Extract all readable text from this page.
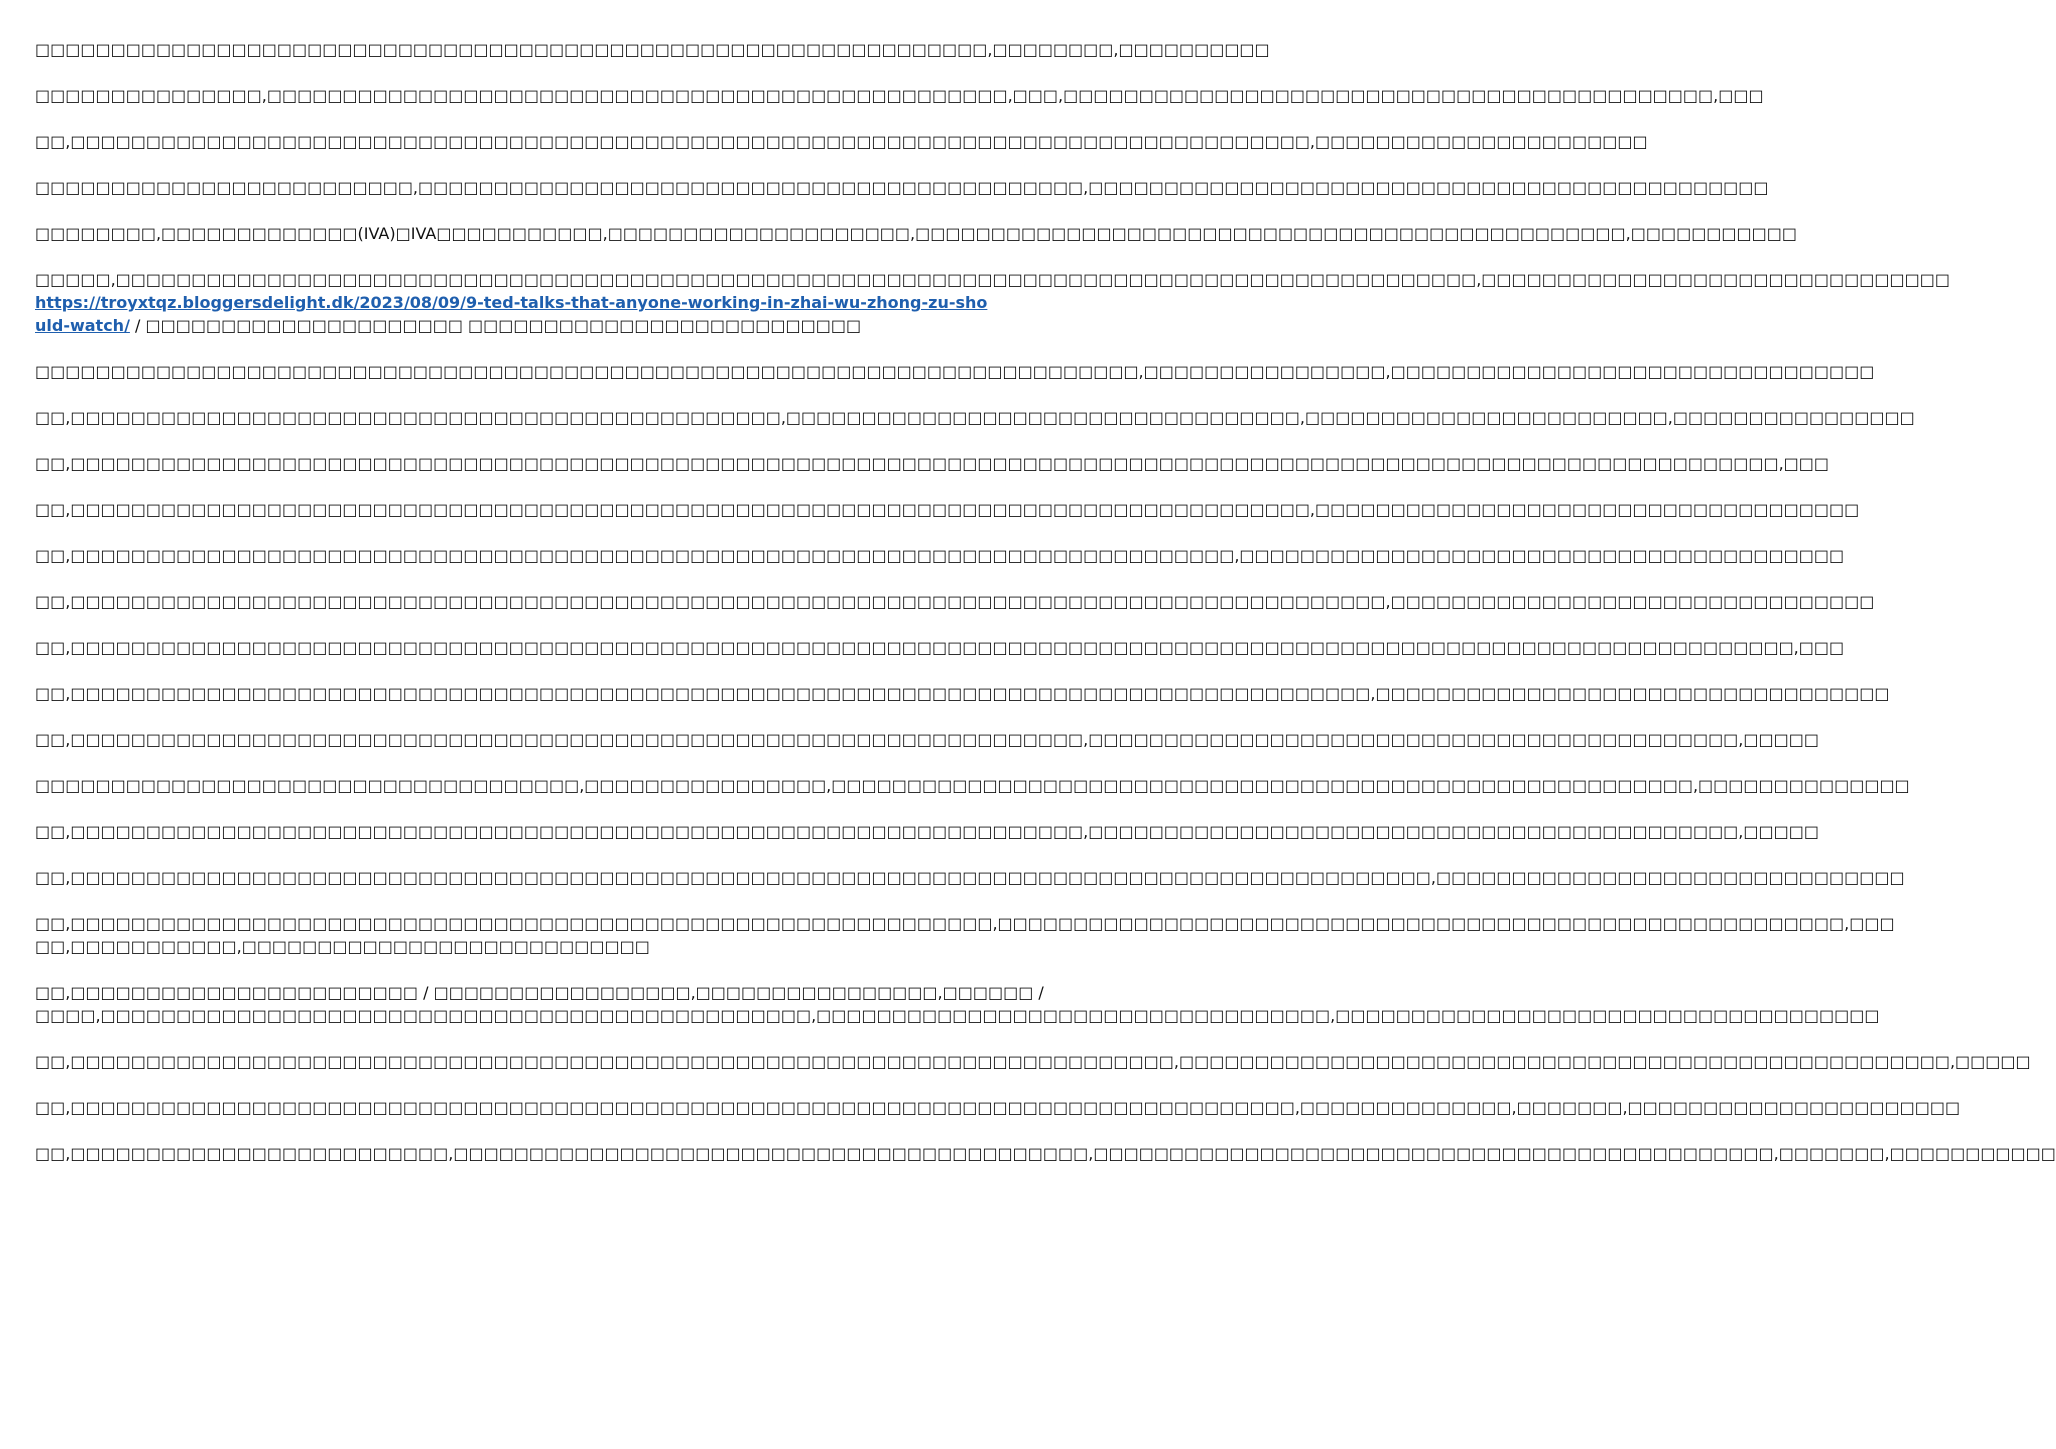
□□□□□□□□□□□□□□□□□□□□□□□□□□□□□□□□□□□□□□□□□□□□□□□□□□□□□□□□□□□□□□□,□□□□□□□□,□□□□□□□□□□

□□□□□□□□□□□□□□□,□□□□□□□□□□□□□□□□□□□□□□□□□□□□□□□□□□□□□□□□□□□□□□□□□,□□□,□□□□□□□□□□□□□□□□□□□□□□□□□□□□□□□□□□□□□□□□□□□,□□□

□□,□□□□□□□□□□□□□□□□□□□□□□□□□□□□□□□□□□□□□□□□□□□□□□□□□□□□□□□□□□□□□□□□□□□□□□□□□□□□□□□□□□,□□□□□□□□□□□□□□□□□□□□□□

□□□□□□□□□□□□□□□□□□□□□□□□□,□□□□□□□□□□□□□□□□□□□□□□□□□□□□□□□□□□□□□□□□□□□□,□□□□□□□□□□□□□□□□□□□□□□□□□□□□□□□□□□□□□□□□□□□□□

□□□□□□□□,□□□□□□□□□□□□□(IVA)□IVA□□□□□□□□□□□,□□□□□□□□□□□□□□□□□□□□,□□□□□□□□□□□□□□□□□□□□□□□□□□□□□□□□□□□□□□□□□□□□□□□,□□□□□□□□□□□

□□□□□,□□□□□□□□□□□□□□□□□□□□□□□□□□□□□□□□□□□□□□□□□□□□□□□□□□□□□□□□□□□□□□□□□□□□□□□□□□□□□□□□□□□□□□□□□□,□□□□□□□□□□□□□□□□□□□□□□□□□□□□□□□
https://troyxtqz.bloggersdelight.dk/2023/08/09/9-ted-talks-that-anyone-working-in-zhai-wu-zhong-zu-should-watch/ / □□□□□□□□□□□□□□□□□□□□□ □□□□□□□□□□□□□□□□□□□□□□□□□□

□□□□□□□□□□□□□□□□□□□□□□□□□□□□□□□□□□□□□□□□□□□□□□□□□□□□□□□□□□□□□□□□□□□□□□□□□,□□□□□□□□□□□□□□□□,□□□□□□□□□□□□□□□□□□□□□□□□□□□□□□□□

□□,□□□□□□□□□□□□□□□□□□□□□□□□□□□□□□□□□□□□□□□□□□□□□□□,□□□□□□□□□□□□□□□□□□□□□□□□□□□□□□□□□□,□□□□□□□□□□□□□□□□□□□□□□□□,□□□□□□□□□□□□□□□□

□□,□□□□□□□□□□□□□□□□□□□□□□□□□□□□□□□□□□□□□□□□□□□□□□□□□□□□□□□□□□□□□□□□□□□□□□□□□□□□□□□□□□□□□□□□□□□□□□□□□□□□□□□□□□□□□□□□□,□□□

□□,□□□□□□□□□□□□□□□□□□□□□□□□□□□□□□□□□□□□□□□□□□□□□□□□□□□□□□□□□□□□□□□□□□□□□□□□□□□□□□□□□□,□□□□□□□□□□□□□□□□□□□□□□□□□□□□□□□□□□□□

□□,□□□□□□□□□□□□□□□□□□□□□□□□□□□□□□□□□□□□□□□□□□□□□□□□□□□□□□□□□□□□□□□□□□□□□□□□□□□□□,□□□□□□□□□□□□□□□□□□□□□□□□□□□□□□□□□□□□□□□□

□□,□□□□□□□□□□□□□□□□□□□□□□□□□□□□□□□□□□□□□□□□□□□□□□□□□□□□□□□□□□□□□□□□□□□□□□□□□□□□□□□□□□□□□□□,□□□□□□□□□□□□□□□□□□□□□□□□□□□□□□□□

□□,□□□□□□□□□□□□□□□□□□□□□□□□□□□□□□□□□□□□□□□□□□□□□□□□□□□□□□□□□□□□□□□□□□□□□□□□□□□□□□□□□□□□□□□□□□□□□□□□□□□□□□□□□□□□□□□□□□,□□□

□□,□□□□□□□□□□□□□□□□□□□□□□□□□□□□□□□□□□□□□□□□□□□□□□□□□□□□□□□□□□□□□□□□□□□□□□□□□□□□□□□□□□□□□□,□□□□□□□□□□□□□□□□□□□□□□□□□□□□□□□□□□

□□,□□□□□□□□□□□□□□□□□□□□□□□□□□□□□□□□□□□□□□□□□□□□□□□□□□□□□□□□□□□□□□□□□□□,□□□□□□□□□□□□□□□□□□□□□□□□□□□□□□□□□□□□□□□□□□□,□□□□□

□□□□□□□□□□□□□□□□□□□□□□□□□□□□□□□□□□□□,□□□□□□□□□□□□□□□□,□□□□□□□□□□□□□□□□□□□□□□□□□□□□□□□□□□□□□□□□□□□□□□□□□□□□□□□□□,□□□□□□□□□□□□□□

□□,□□□□□□□□□□□□□□□□□□□□□□□□□□□□□□□□□□□□□□□□□□□□□□□□□□□□□□□□□□□□□□□□□□□,□□□□□□□□□□□□□□□□□□□□□□□□□□□□□□□□□□□□□□□□□□□,□□□□□

□□,□□□□□□□□□□□□□□□□□□□□□□□□□□□□□□□□□□□□□□□□□□□□□□□□□□□□□□□□□□□□□□□□□□□□□□□□□□□□□□□□□□□□□□□□□□,□□□□□□□□□□□□□□□□□□□□□□□□□□□□□□□

□□,□□□□□□□□□□□□□□□□□□□□□□□□□□□□□□□□□□□□□□□□□□□□□□□□□□□□□□□□□□□□□,□□□□□□□□□□□□□□□□□□□□□□□□□□□□□□□□□□□□□□□□□□□□□□□□□□□□□□□□,□□□
□□,□□□□□□□□□□□,□□□□□□□□□□□□□□□□□□□□□□□□□□□

□□,□□□□□□□□□□□□□□□□□□□□□□□ / □□□□□□□□□□□□□□□□□,□□□□□□□□□□□□□□□□,□□□□□□ /
□□□□,□□□□□□□□□□□□□□□□□□□□□□□□□□□□□□□□□□□□□□□□□□□□□□□,□□□□□□□□□□□□□□□□□□□□□□□□□□□□□□□□□□,□□□□□□□□□□□□□□□□□□□□□□□□□□□□□□□□□□□□

□□,□□□□□□□□□□□□□□□□□□□□□□□□□□□□□□□□□□□□□□□□□□□□□□□□□□□□□□□□□□□□□□□□□□□□□□□□□,□□□□□□□□□□□□□□□□□□□□□□□□□□□□□□□□□□□□□□□□□□□□□□□□□□□,□□□□□

□□,□□□□□□□□□□□□□□□□□□□□□□□□□□□□□□□□□□□□□□□□□□□□□□□□□□□□□□□□□□□□□□□□□□□□□□□□□□□□□□□□□,□□□□□□□□□□□□□□,□□□□□□□,□□□□□□□□□□□□□□□□□□□□□□

□□,□□□□□□□□□□□□□□□□□□□□□□□□□,□□□□□□□□□□□□□□□□□□□□□□□□□□□□□□□□□□□□□□□□□□,□□□□□□□□□□□□□□□□□□□□□□□□□□□□□□□□□□□□□□□□□□□□□,□□□□□□□,□□□□□□□□□□□
